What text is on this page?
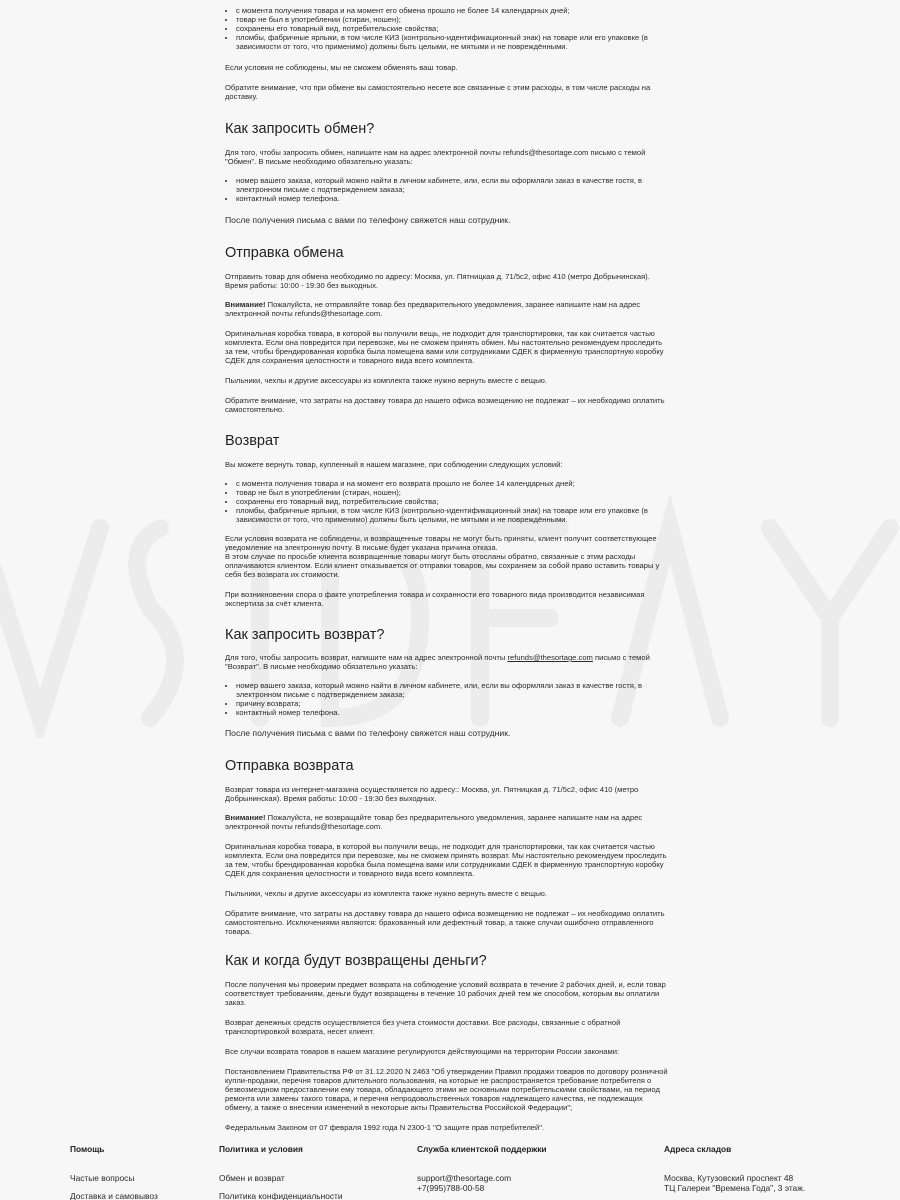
• с момента получения товара и на момент его обмена прошло не более 14 календарных дней;
• товар не был в употреблении (стиран, ношен);
• сохранены его товарный вид, потребительские свойства;
• пломбы, фабричные ярлыки, в том числе КИЗ (контрольно-идентификационный знак) на товаре или его упаковке (в зависимости от того, что применимо) должны быть целыми, не мятыми и не повреждёнными.

Если условия не соблюдены, мы не сможем обменять ваш товар.

Обратите внимание, что при обмене вы самостоятельно несете все связанные с этим расходы, в том числе расходы на доставку.

Как запросить обмен?

Для того, чтобы запросить обмен, напишите нам на адрес электронной почты refunds@thesortage.com письмо с темой "Обмен". В письме необходимо обязательно указать:

• номер вашего заказа, который можно найти в личном кабинете, или, если вы оформляли заказ в качестве гостя, в электронном письме с подтверждением заказа;
• контактный номер телефона.

После получения письма с вами по телефону свяжется наш сотрудник.

Отправка обмена

Отправить товар для обмена необходимо по адресу: Москва, ул. Пятницкая д. 71/5с2, офис 410 (метро Добрынинская). Время работы: 10:00 - 19:30 без выходных.

Внимание! Пожалуйста, не отправляйте товар без предварительного уведомления, заранее напишите нам на адрес электронной почты refunds@thesortage.com.

Оригинальная коробка товара, в которой вы получили вещь, не подходит для транспортировки, так как считается частью комплекта. Если она повредится при перевозке, мы не сможем принять обмен. Мы настоятельно рекомендуем проследить за тем, чтобы брендированная коробка была помещена вами или сотрудниками СДЕК в фирменную транспортную коробку СДЕК для сохранения целостности и товарного вида всего комплекта.

Пыльники, чехлы и другие аксессуары из комплекта также нужно вернуть вместе с вещью.

Обратите внимание, что затраты на доставку товара до нашего офиса возмещению не подлежат – их необходимо оплатить самостоятельно.

Возврат

Вы можете вернуть товар, купленный в нашем магазине, при соблюдении следующих условий:

• с момента получения товара и на момент его возврата прошло не более 14 календарных дней;
• товар не был в употреблении (стиран, ношен);
• сохранены его товарный вид, потребительские свойства;
• пломбы, фабричные ярлыки, в том числе КИЗ (контрольно-идентификационный знак) на товаре или его упаковке (в зависимости от того, что применимо) должны быть целыми, не мятыми и не повреждёнными.

Если условия возврата не соблюдены, и возвращенные товары не могут быть приняты, клиент получит соответствующее уведомление на электронную почту. В письме будет указана причина отказа.

В этом случае по просьбе клиента возвращенные товары могут быть отосланы обратно, связанные с этим расходы оплачиваются клиентом. Если клиент отказывается от отправки товаров, мы сохраняем за собой право оставить товары у себя без возврата их стоимости.

При возникновении спора о факте употребления товара и сохранности его товарного вида производится независимая экспертиза за счёт клиента.

Как запросить возврат?

Для того, чтобы запросить возврат, напишите нам на адрес электронной почты refunds@thesortage.com письмо с темой "Возврат". В письме необходимо обязательно указать:

• номер вашего заказа, который можно найти в личном кабинете, или, если вы оформляли заказ в качестве гостя, в электронном письме с подтверждением заказа;
• причину возврата;
• контактный номер телефона.

После получения письма с вами по телефону свяжется наш сотрудник.

Отправка возврата

Возврат товара из интернет-магазина осуществляется по адресу:: Москва, ул. Пятницкая д. 71/5с2, офис 410 (метро Добрынинская). Время работы: 10:00 - 19:30 без выходных.

Внимание! Пожалуйста, не возвращайте товар без предварительного уведомления, заранее напишите нам на адрес электронной почты refunds@thesortage.com.

Оригинальная коробка товара, в которой вы получили вещь, не подходит для транспортировки, так как считается частью комплекта. Если она повредится при перевозке, мы не сможем принять возврат. Мы настоятельно рекомендуем проследить за тем, чтобы брендированная коробка была помещена вами или сотрудниками СДЕК в фирменную транспортную коробку СДЕК для сохранения целостности и товарного вида всего комплекта.

Пыльники, чехлы и другие аксессуары из комплекта также нужно вернуть вместе с вещью.

Обратите внимание, что затраты на доставку товара до нашего офиса возмещению не подлежат – их необходимо оплатить самостоятельно. Исключениями являются: бракованный или дефектный товар, а также случаи ошибочно отправленного товара.

Как и когда будут возвращены деньги?

После получения мы проверим предмет возврата на соблюдение условий возврата в течение 2 рабочих дней, и, если товар соответствует требованиям, деньги будут возвращены в течение 10 рабочих дней тем же способом, которым вы оплатили заказ.

Возврат денежных средств осуществляется без учета стоимости доставки. Все расходы, связанные с обратной транспортировкой возврата, несет клиент.

Все случаи возврата товаров в нашем магазине регулируются действующими на территории России законами:

Постановлением Правительства РФ от 31.12.2020 N 2463 "Об утверждении Правил продажи товаров по договору розничной купли-продажи, перечня товаров длительного пользования, на которые не распространяется требование потребителя о безвозмездном предоставлении ему товара, обладающего этими же основными потребительскими свойствами, на период ремонта или замены такого товара, и перечня непродовольственных товаров надлежащего качества, не подлежащих обмену, а также о внесении изменений в некоторые акты Правительства Российской Федерации";

Федеральным Законом от 07 февраля 1992 года N 2300-1 "О защите прав потребителей".

Помощь
Частые вопросы
Доставка и самовывоз
Политика и условия
Обмен и возврат
Политика конфиденциальности
Служба клиентской поддержки
support@thesortage.com
+7(995)788-00-58
Адреса складов
Москва, Кутузовский проспект 48
ТЦ Галереи "Времена Года", 3 этаж.
